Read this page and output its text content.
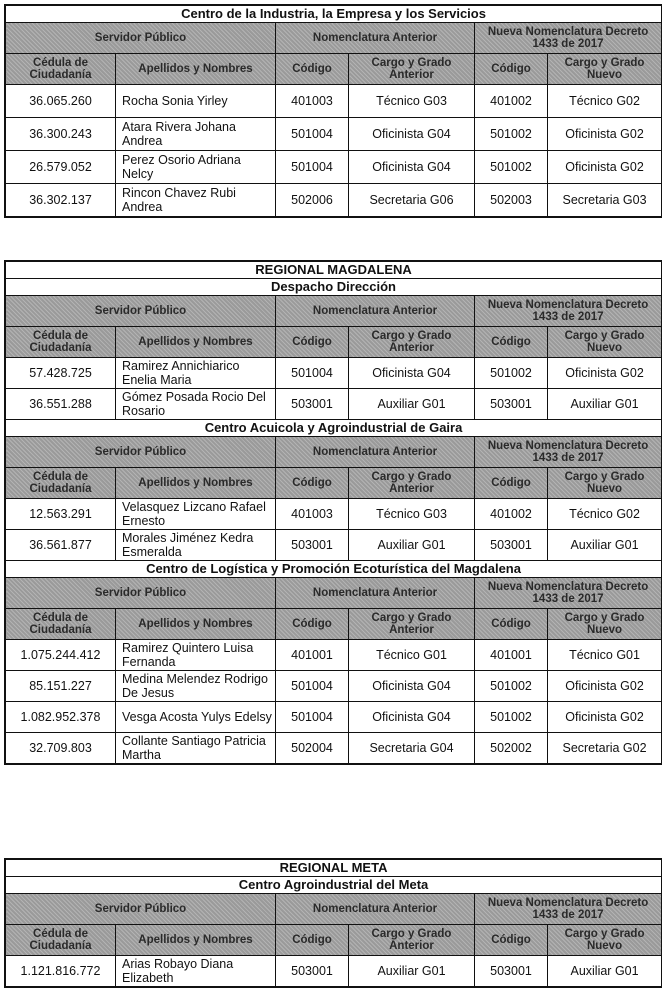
Centro de la Industria, la Empresa y los Servicios					
Servidor Público		Nomenclatura Anterior		Nueva Nomenclatura Decreto 1433 de 2017	
Cédula de Ciudadanía	Apellidos y Nombres	Código	Cargo y Grado Anterior	Código	Cargo y Grado Nuevo
36.065.260	Rocha Sonia Yirley	401003	Técnico G03	401002	Técnico G02
36.300.243	Atara Rivera Johana Andrea	501004	Oficinista G04	501002	Oficinista G02
26.579.052	Perez Osorio Adriana Nelcy	501004	Oficinista G04	501002	Oficinista G02
36.302.137	Rincon Chavez Rubi Andrea	502006	Secretaria G06	502003	Secretaria G03
REGIONAL MAGDALENA					
Despacho Dirección					
Servidor Público		Nomenclatura Anterior		Nueva Nomenclatura Decreto 1433 de 2017	
Cédula de Ciudadanía	Apellidos y Nombres	Código	Cargo y Grado Anterior	Código	Cargo y Grado Nuevo
57.428.725	Ramirez Annichiarico Enelia Maria	501004	Oficinista G04	501002	Oficinista G02
36.551.288	Gómez Posada Rocio Del Rosario	503001	Auxiliar G01	503001	Auxiliar G01
Centro Acuicola y Agroindustrial de Gaira					
Servidor Público		Nomenclatura Anterior		Nueva Nomenclatura Decreto 1433 de 2017	
Cédula de Ciudadanía	Apellidos y Nombres	Código	Cargo y Grado Anterior	Código	Cargo y Grado Nuevo
12.563.291	Velasquez Lizcano Rafael Ernesto	401003	Técnico G03	401002	Técnico G02
36.561.877	Morales Jiménez Kedra Esmeralda	503001	Auxiliar G01	503001	Auxiliar G01
Centro de Logística y Promoción Ecoturística del Magdalena					
Servidor Público		Nomenclatura Anterior		Nueva Nomenclatura Decreto 1433 de 2017	
Cédula de Ciudadanía	Apellidos y Nombres	Código	Cargo y Grado Anterior	Código	Cargo y Grado Nuevo
1.075.244.412	Ramirez Quintero Luisa Fernanda	401001	Técnico G01	401001	Técnico G01
85.151.227	Medina Melendez Rodrigo De Jesus	501004	Oficinista G04	501002	Oficinista G02
1.082.952.378	Vesga Acosta Yulys Edelsy	501004	Oficinista G04	501002	Oficinista G02
32.709.803	Collante Santiago Patricia Martha	502004	Secretaria G04	502002	Secretaria G02
REGIONAL META					
Centro Agroindustrial del Meta					
Servidor Público		Nomenclatura Anterior		Nueva Nomenclatura Decreto 1433 de 2017	
Cédula de Ciudadanía	Apellidos y Nombres	Código	Cargo y Grado Anterior	Código	Cargo y Grado Nuevo
1.121.816.772	Arias Robayo Diana Elizabeth	503001	Auxiliar G01	503001	Auxiliar G01
